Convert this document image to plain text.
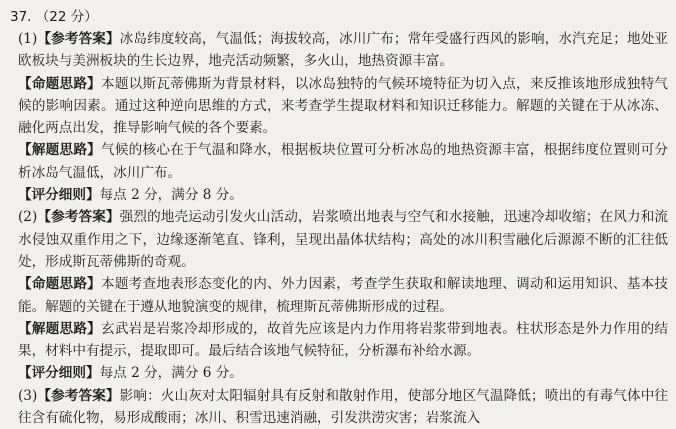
37. （22 分）
(1)【参考答案】冰岛纬度较高，气温低；海拔较高，冰川广布；常年受盛行西风的影响，水汽充足；地处亚欧板块与美洲板块的生长边界，地壳活动频繁，多火山，地热资源丰富。
【命题思路】本题以斯瓦蒂佛斯为背景材料，以冰岛独特的气候环境特征为切入点，来反推该地形成独特气候的影响因素。通过这种逆向思维的方式，来考查学生提取材料和知识迁移能力。解题的关键在于从冰冻、融化两点出发，推导影响气候的各个要素。
【解题思路】气候的核心在于气温和降水，根据板块位置可分析冰岛的地热资源丰富，根据纬度位置则可分析冰岛气温低，冰川广布。
【评分细则】每点 2 分，满分 8 分。
(2)【参考答案】强烈的地壳运动引发火山活动，岩浆喷出地表与空气和水接触，迅速冷却收缩；在风力和流水侵蚀双重作用之下，边缘逐渐笔直、锋利，呈现出晶体状结构；高处的冰川积雪融化后源源不断的汇往低处，形成斯瓦蒂佛斯的奇观。
【命题思路】本题考查地表形态变化的内、外力因素，考查学生获取和解读地理、调动和运用知识、基本技能。解题的关键在于遵从地貌演变的规律，梳理斯瓦蒂佛斯形成的过程。
【解题思路】玄武岩是岩浆冷却形成的，故首先应该是内力作用将岩浆带到地表。柱状形态是外力作用的结果，材料中有提示，提取即可。最后结合该地气候特征，分析瀑布补给水源。
【评分细则】每点 2 分，满分 6 分。
(3)【参考答案】影响：火山灰对太阳辐射具有反射和散射作用，使部分地区气温降低；喷出的有毒气体中往往含有硫化物，易形成酸雨；冰川、积雪迅速消融，引发洪涝灾害；岩浆流入
